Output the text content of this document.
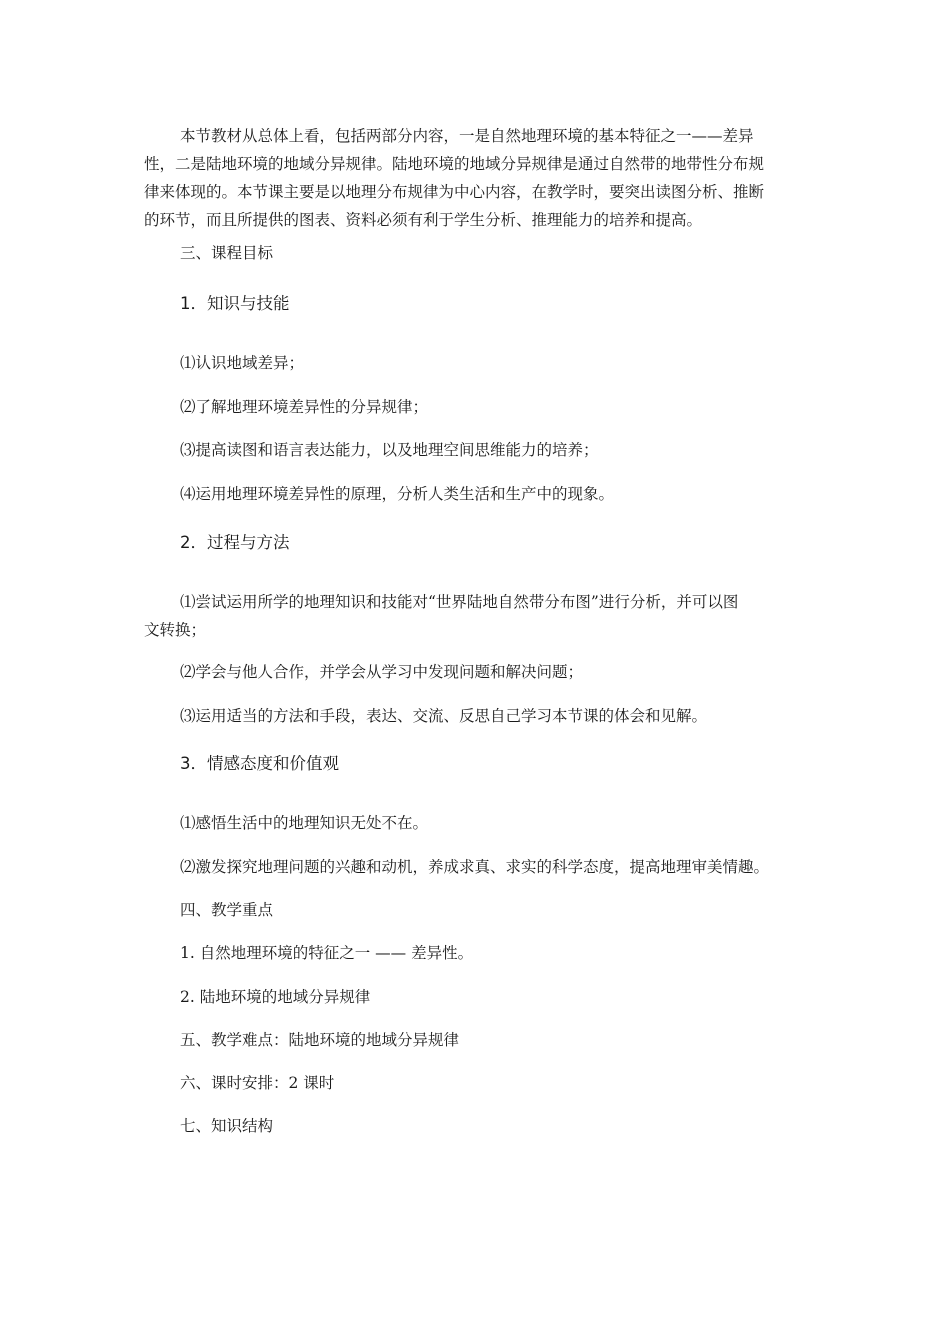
本节教材从总体上看，包括两部分内容，一是自然地理环境的基本特征之一——差异
性，二是陆地环境的地域分异规律。陆地环境的地域分异规律是通过自然带的地带性分布规
律来体现的。本节课主要是以地理分布规律为中心内容，在教学时，要突出读图分析、推断
的环节，而且所提供的图表、资料必须有利于学生分析、推理能力的培养和提高。
三、课程目标
1．知识与技能
⑴认识地域差异；
⑵了解地理环境差异性的分异规律；
⑶提高读图和语言表达能力，以及地理空间思维能力的培养；
⑷运用地理环境差异性的原理，分析人类生活和生产中的现象。
2．过程与方法
⑴尝试运用所学的地理知识和技能对“世界陆地自然带分布图”进行分析，并可以图
文转换；
⑵学会与他人合作，并学会从学习中发现问题和解决问题；
⑶运用适当的方法和手段，表达、交流、反思自己学习本节课的体会和见解。
3．情感态度和价值观
⑴感悟生活中的地理知识无处不在。
⑵激发探究地理问题的兴趣和动机，养成求真、求实的科学态度，提高地理审美情趣。
四、教学重点
1. 自然地理环境的特征之一 —— 差异性。
2. 陆地环境的地域分异规律
五、教学难点：陆地环境的地域分异规律
六、课时安排：2 课时
七、知识结构
